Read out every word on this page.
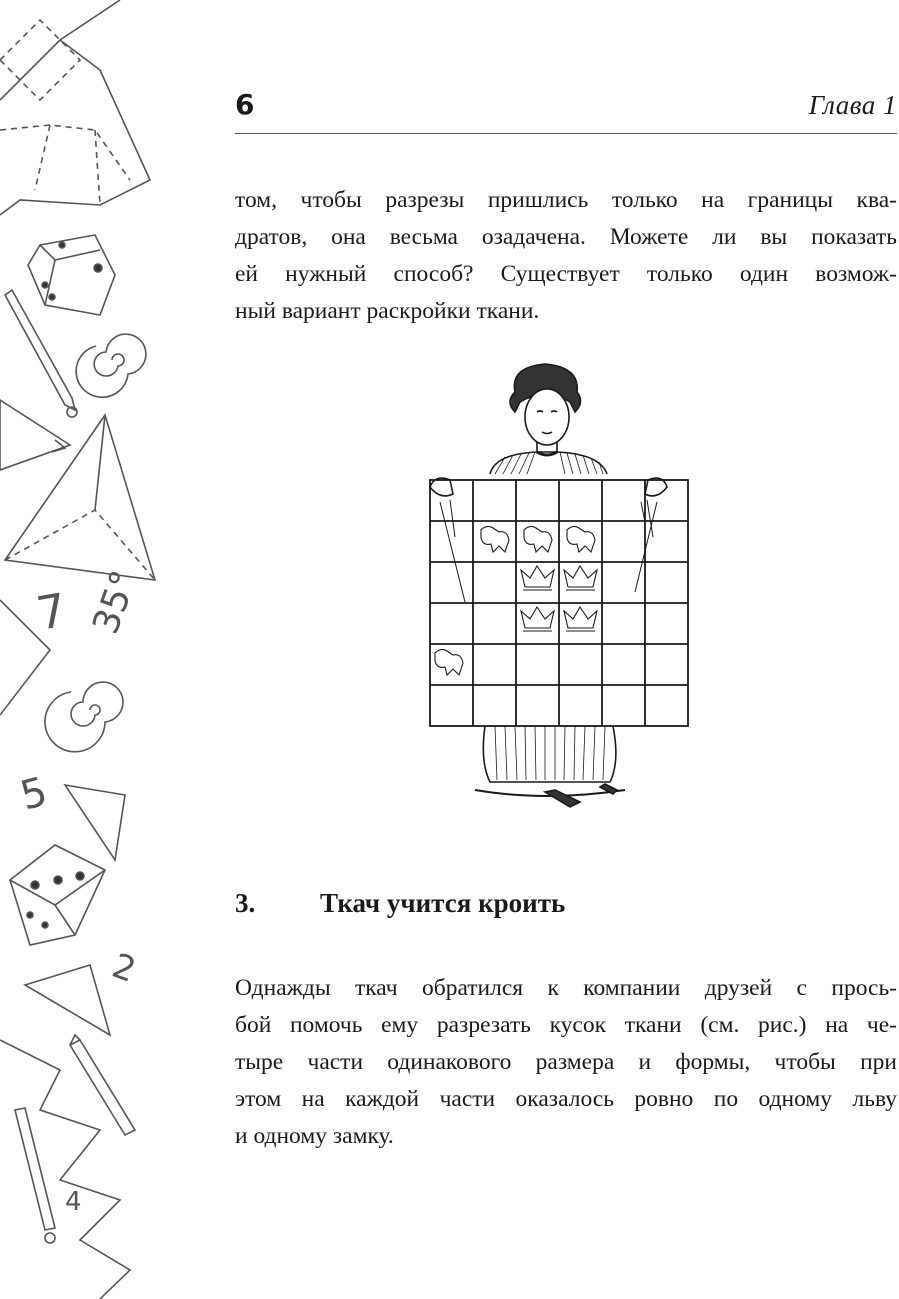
7 35°
5
2
4
6	Глава 1

том, чтобы разрезы пришлись только на границы ква-
дратов, она весьма озадачена. Можете ли вы показать
ей нужный способ? Существует только один возмож-
ный вариант раскройки ткани.

3. Ткач учится кроить

Однажды ткач обратился к компании друзей с прось-
бой помочь ему разрезать кусок ткани (см. рис.) на че-
тыре части одинакового размера и формы, чтобы при
этом на каждой части оказалось ровно по одному льву
и одному замку.
